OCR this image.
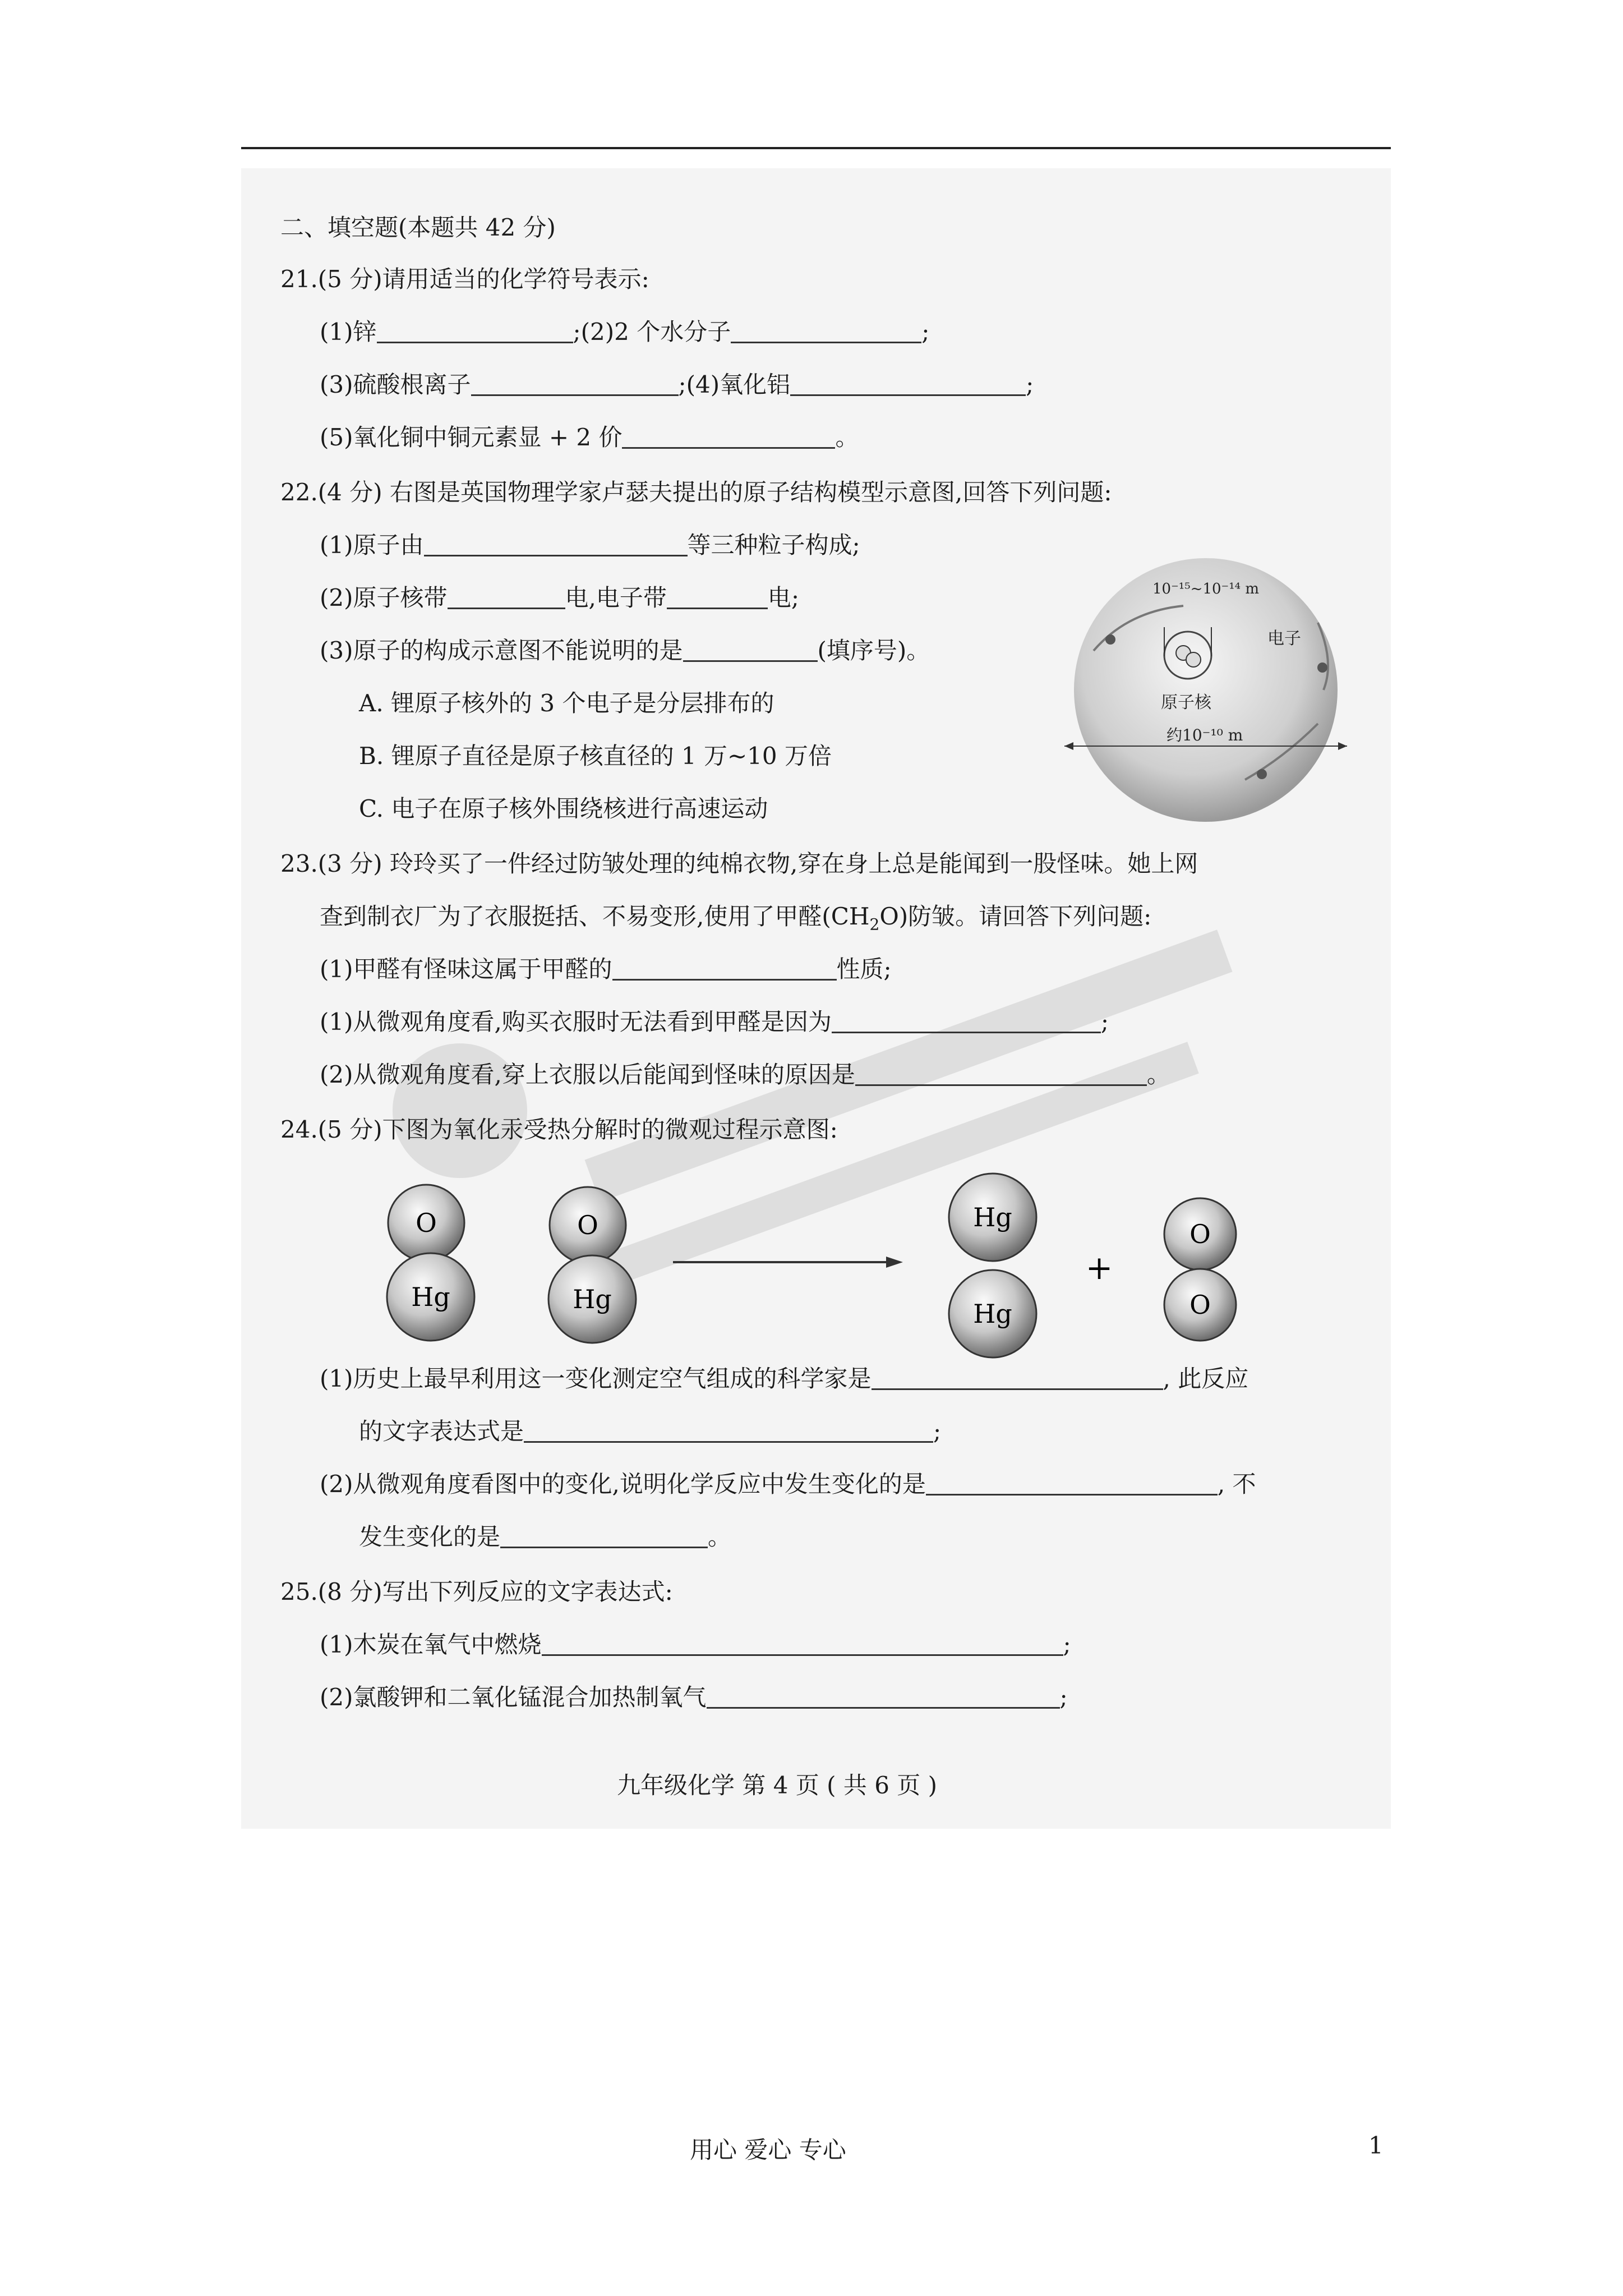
二、填空题(本题共 42 分)
21.(5 分)请用适当的化学符号表示:
(1)锌	;(2)2 个水分子	;
(3)硫酸根离子	;(4)氧化铝	;
(5)氧化铜中铜元素显 + 2 价	。
22.(4 分) 右图是英国物理学家卢瑟夫提出的原子结构模型示意图,回答下列问题:
(1)原子由	等三种粒子构成;
(2)原子核带	电,电子带	电;
(3)原子的构成示意图不能说明的是	(填序号)。
A. 锂原子核外的 3 个电子是分层排布的
B. 锂原子直径是原子核直径的 1 万~10 万倍
C. 电子在原子核外围绕核进行高速运动
10⁻¹⁵~10⁻¹⁴ m
电子
原子核
约10⁻¹⁰ m
23.(3 分) 玲玲买了一件经过防皱处理的纯棉衣物,穿在身上总是能闻到一股怪味。她上网
查到制衣厂为了衣服挺括、不易变形,使用了甲醛$(CH_2O)$防皱。请回答下列问题:
(1)甲醛有怪味这属于甲醛的	性质;
(1)从微观角度看,购买衣服时无法看到甲醛是因为	;
(2)从微观角度看,穿上衣服以后能闻到怪味的原因是	。
24.(5 分)下图为氧化汞受热分解时的微观过程示意图:
O
Hg
O
Hg
Hg
Hg
+
O
O
(1)历史上最早利用这一变化测定空气组成的科学家是	, 此反应
的文字表达式是	;
(2)从微观角度看图中的变化,说明化学反应中发生变化的是	, 不
发生变化的是	。
25.(8 分)写出下列反应的文字表达式:
(1)木炭在氧气中燃烧	;
(2)氯酸钾和二氧化锰混合加热制氧气	;
九年级化学 第 4 页 ( 共 6 页 )
用心 爱心 专心	1
